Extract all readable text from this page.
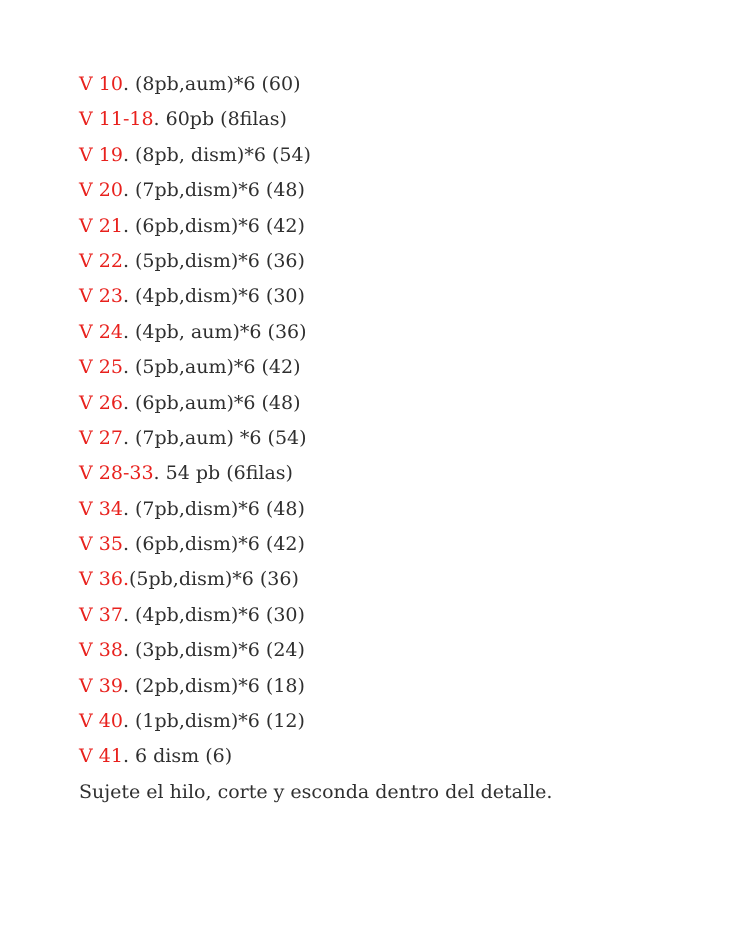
V 10. (8pb,aum)*6 (60)
V 11-18. 60pb (8filas)
V 19. (8pb, dism)*6 (54)
V 20. (7pb,dism)*6 (48)
V 21. (6pb,dism)*6 (42)
V 22. (5pb,dism)*6 (36)
V 23. (4pb,dism)*6 (30)
V 24. (4pb, aum)*6 (36)
V 25. (5pb,aum)*6 (42)
V 26. (6pb,aum)*6 (48)
V 27. (7pb,aum) *6 (54)
V 28-33. 54 pb (6filas)
V 34. (7pb,dism)*6 (48)
V 35. (6pb,dism)*6 (42)
V 36.(5pb,dism)*6 (36)
V 37. (4pb,dism)*6 (30)
V 38. (3pb,dism)*6 (24)
V 39. (2pb,dism)*6 (18)
V 40. (1pb,dism)*6 (12)
V 41. 6 dism (6)
Sujete el hilo, corte y esconda dentro del detalle.
